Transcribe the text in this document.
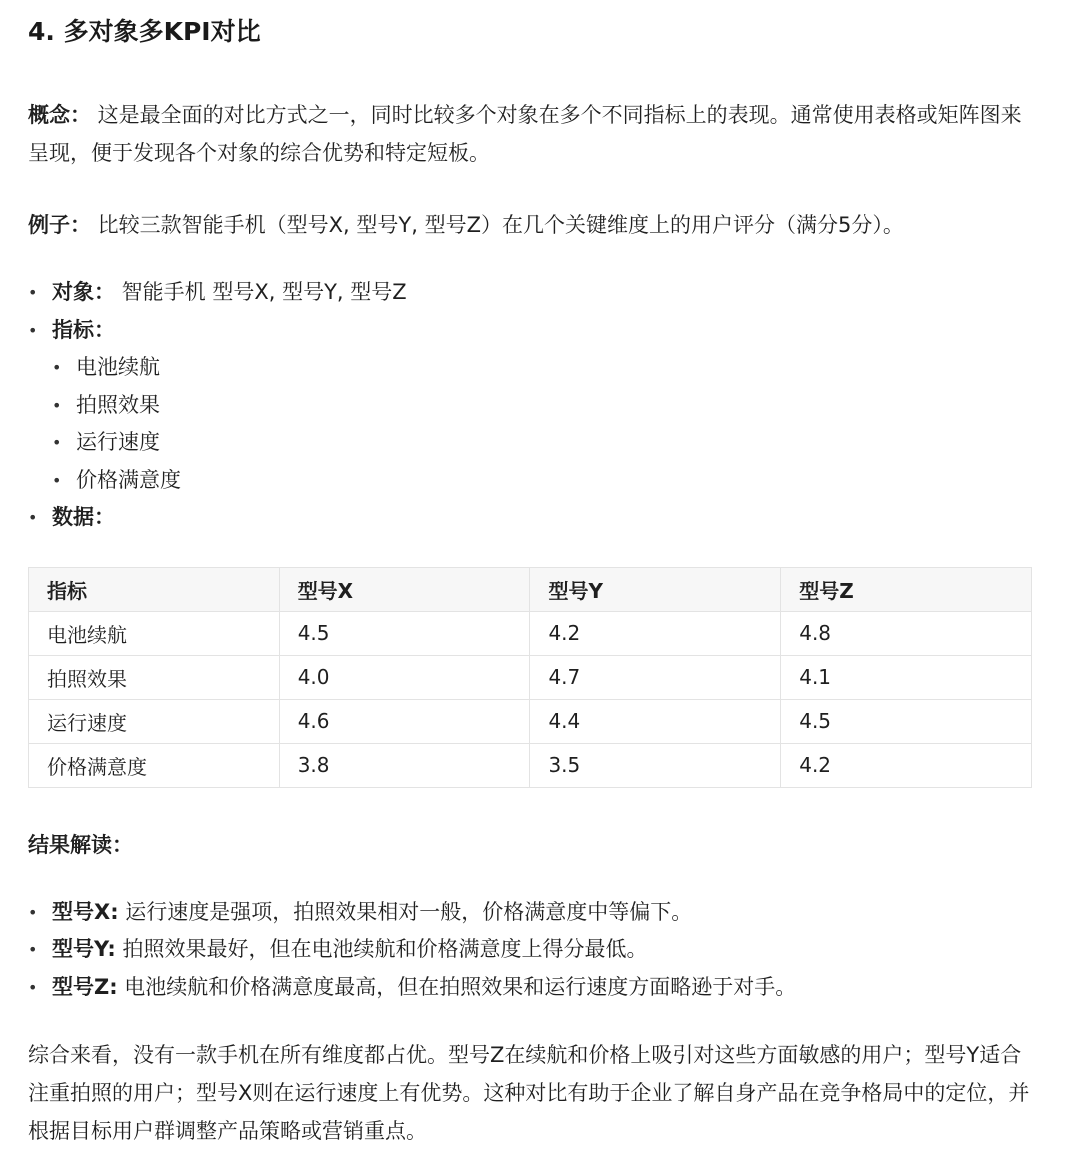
4. 多对象多KPI对比

概念： 这是最全面的对比方式之一，同时比较多个对象在多个不同指标上的表现。通常使用表格或矩阵图来呈现，便于发现各个对象的综合优势和特定短板。

例子： 比较三款智能手机（型号X, 型号Y, 型号Z）在几个关键维度上的用户评分（满分5分）。

• 对象： 智能手机 型号X, 型号Y, 型号Z
• 指标：
• 电池续航
• 拍照效果
• 运行速度
• 价格满意度
• 数据：
指标	型号X	型号Y	型号Z
电池续航	4.5	4.2	4.8
拍照效果	4.0	4.7	4.1
运行速度	4.6	4.4	4.5
价格满意度	3.8	3.5	4.2

结果解读：

• 型号X: 运行速度是强项，拍照效果相对一般，价格满意度中等偏下。
• 型号Y: 拍照效果最好，但在电池续航和价格满意度上得分最低。
• 型号Z: 电池续航和价格满意度最高，但在拍照效果和运行速度方面略逊于对手。

综合来看，没有一款手机在所有维度都占优。型号Z在续航和价格上吸引对这些方面敏感的用户；型号Y适合注重拍照的用户；型号X则在运行速度上有优势。这种对比有助于企业了解自身产品在竞争格局中的定位，并根据目标用户群调整产品策略或营销重点。
